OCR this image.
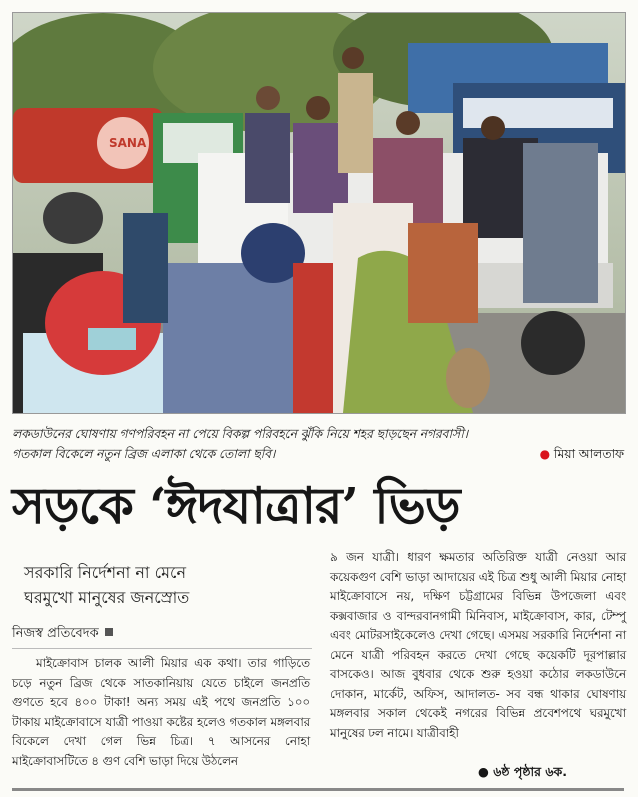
SANA
লকডাউনের ঘোষণায় গণপরিবহন না পেয়ে বিকল্প পরিবহনে ঝুঁকি নিয়ে শহর ছাড়ছেন নগরবাসী।
গতকাল বিকেলে নতুন ব্রিজ এলাকা থেকে তোলা ছবি।	● মিয়া আলতাফ
সড়কে ‘ঈদযাত্রার’ ভিড়
সরকারি নির্দেশনা না মেনে
ঘরমুখো মানুষের জনস্রোত
নিজস্ব প্রতিবেদক
মাইক্রোবাস চালক আলী মিয়ার এক কথা। তার গাড়িতে চড়ে নতুন ব্রিজ থেকে সাতকানিয়ায় যেতে চাইলে জনপ্রতি গুণতে হবে ৪০০ টাকা! অন্য সময় এই পথে জনপ্রতি ১০০ টাকায় মাইক্রোবাসে যাত্রী পাওয়া কষ্টের হলেও গতকাল মঙ্গলবার বিকেলে দেখা গেল ভিন্ন চিত্র। ৭ আসনের নোহা মাইক্রোবাসটিতে ৪ গুণ বেশি ভাড়া দিয়ে উঠলেন
৯ জন যাত্রী। ধারণ ক্ষমতার অতিরিক্ত যাত্রী নেওয়া আর কয়েকগুণ বেশি ভাড়া আদায়ের এই চিত্র শুধু আলী মিয়ার নোহা মাইক্রোবাসে নয়, দক্ষিণ চট্টগ্রামের বিভিন্ন উপজেলা এবং কক্সবাজার ও বান্দরবানগামী মিনিবাস, মাইক্রোবাস, কার, টেম্পু এবং মোটরসাইকেলেও দেখা গেছে। এসময় সরকারি নির্দেশনা না মেনে যাত্রী পরিবহন করতে দেখা গেছে কয়েকটি দূরপাল্লার বাসকেও। আজ বুধবার থেকে শুরু হওয়া কঠোর লকডাউনে দোকান, মার্কেট, অফিস, আদালত- সব বন্ধ থাকার ঘোষণায় মঙ্গলবার সকাল থেকেই নগরের বিভিন্ন প্রবেশপথে ঘরমুখো মানুষের ঢল নামে। যাত্রীবাহী
● ৬ষ্ঠ পৃষ্ঠার ৬ক.
